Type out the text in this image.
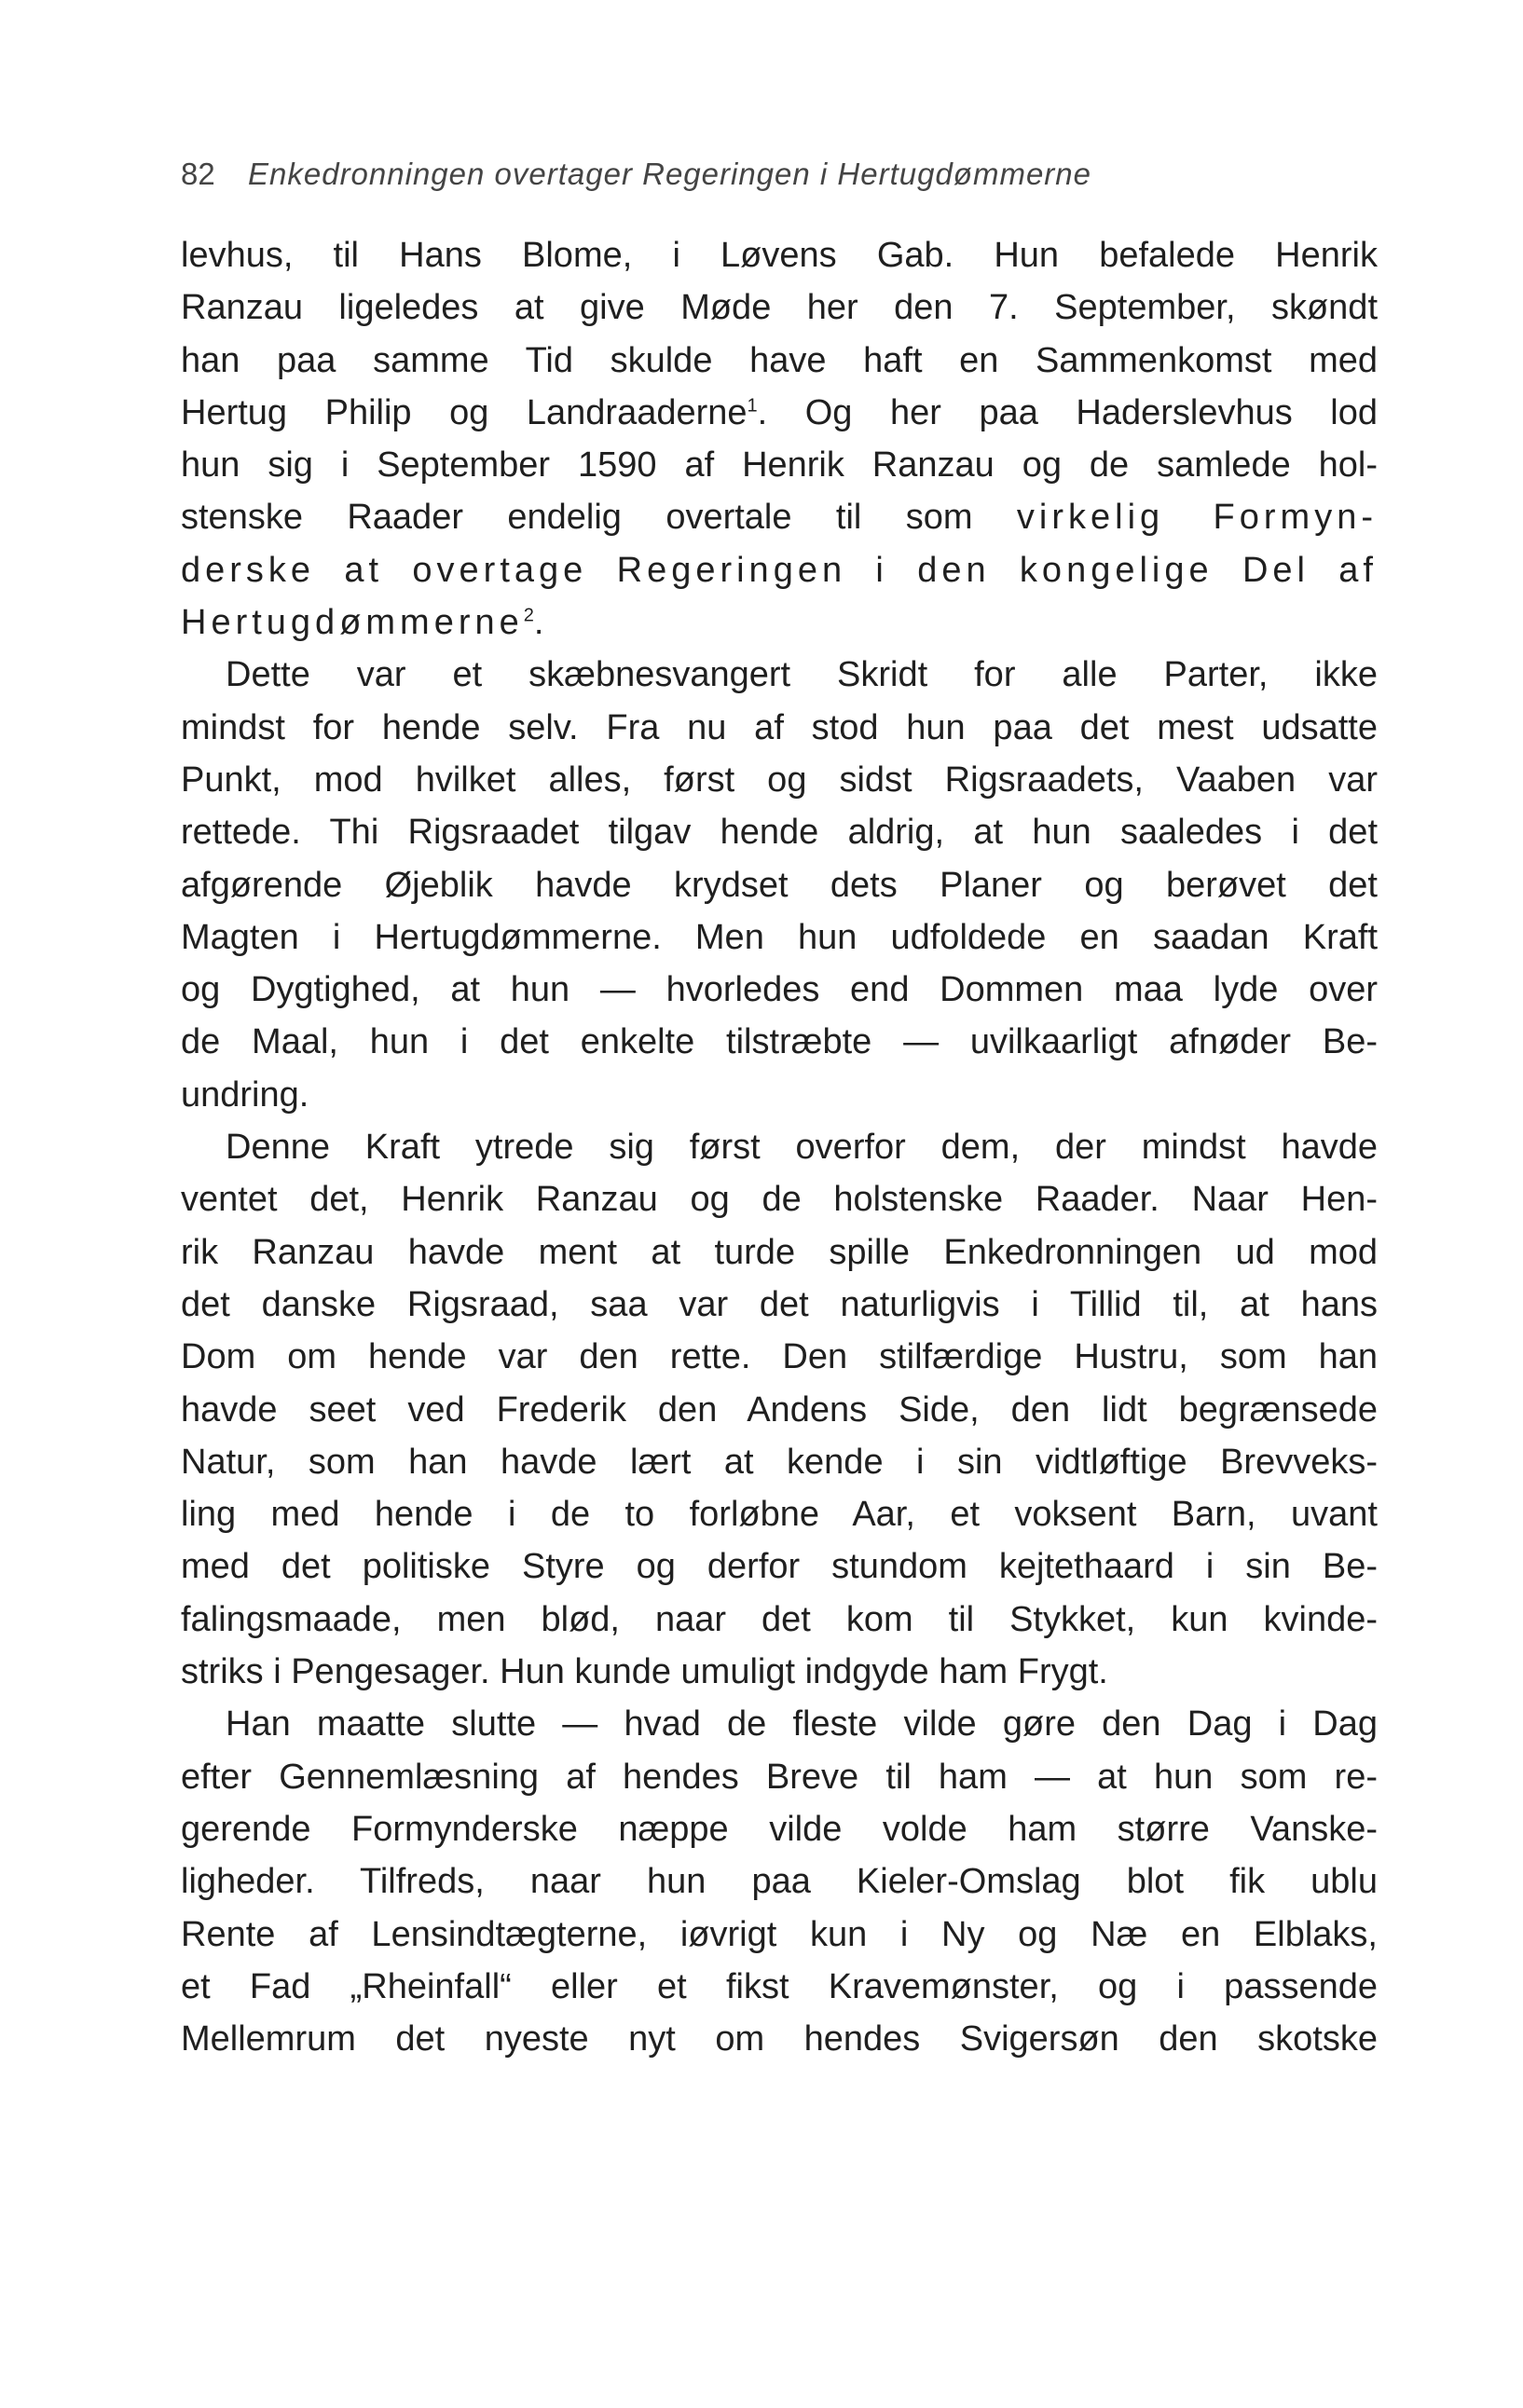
82 Enkedronningen overtager Regeringen i Hertugdømmerne
levhus, til Hans Blome, i Løvens Gab. Hun befalede Henrik
Ranzau ligeledes at give Møde her den 7. September, skøndt
han paa samme Tid skulde have haft en Sammenkomst med
Hertug Philip og Landraaderne$^1$. Og her paa Haderslevhus lod
hun sig i September 1590 af Henrik Ranzau og de samlede hol-
stenske Raader endelig overtale til som virkelig Formyn-
derske at overtage Regeringen i den kongelige Del af
Hertugdømmerne$^2$.
Dette var et skæbnesvangert Skridt for alle Parter, ikke
mindst for hende selv. Fra nu af stod hun paa det mest udsatte
Punkt, mod hvilket alles, først og sidst Rigsraadets, Vaaben var
rettede. Thi Rigsraadet tilgav hende aldrig, at hun saaledes i det
afgørende Øjeblik havde krydset dets Planer og berøvet det
Magten i Hertugdømmerne. Men hun udfoldede en saadan Kraft
og Dygtighed, at hun — hvorledes end Dommen maa lyde over
de Maal, hun i det enkelte tilstræbte — uvilkaarligt afnøder Be-
undring.
Denne Kraft ytrede sig først overfor dem, der mindst havde
ventet det, Henrik Ranzau og de holstenske Raader. Naar Hen-
rik Ranzau havde ment at turde spille Enkedronningen ud mod
det danske Rigsraad, saa var det naturligvis i Tillid til, at hans
Dom om hende var den rette. Den stilfærdige Hustru, som han
havde seet ved Frederik den Andens Side, den lidt begrænsede
Natur, som han havde lært at kende i sin vidtløftige Brevveks-
ling med hende i de to forløbne Aar, et voksent Barn, uvant
med det politiske Styre og derfor stundom kejtethaard i sin Be-
falingsmaade, men blød, naar det kom til Stykket, kun kvinde-
striks i Pengesager. Hun kunde umuligt indgyde ham Frygt.
Han maatte slutte — hvad de fleste vilde gøre den Dag i Dag
efter Gennemlæsning af hendes Breve til ham — at hun som re-
gerende Formynderske næppe vilde volde ham større Vanske-
ligheder. Tilfreds, naar hun paa Kieler-Omslag blot fik ublu
Rente af Lensindtægterne, iøvrigt kun i Ny og Næ en Elblaks,
et Fad „Rheinfall“ eller et fikst Kravemønster, og i passende
Mellemrum det nyeste nyt om hendes Svigersøn den skotske
